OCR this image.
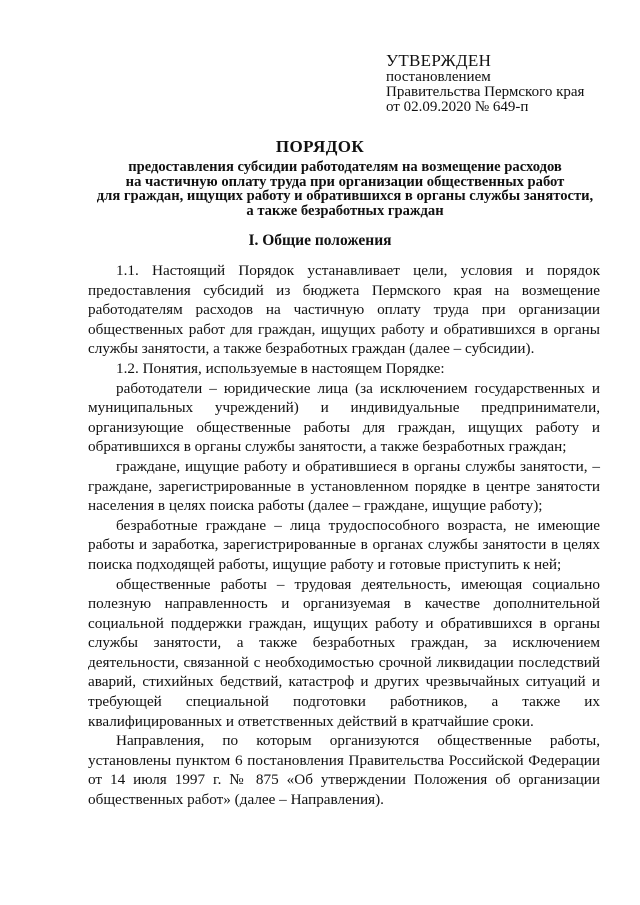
УТВЕРЖДЕН
постановлением
Правительства Пермского края
от 02.09.2020 № 649-п
ПОРЯДОК
предоставления субсидии работодателям на возмещение расходов
на частичную оплату труда при организации общественных работ
для граждан, ищущих работу и обратившихся в органы службы занятости,
а также безработных граждан
I. Общие положения

1.1. Настоящий Порядок устанавливает цели, условия и порядок предоставления субсидий из бюджета Пермского края на возмещение работодателям расходов на частичную оплату труда при организации общественных работ для граждан, ищущих работу и обратившихся в органы службы занятости, а также безработных граждан (далее – субсидии).

1.2. Понятия, используемые в настоящем Порядке:

работодатели – юридические лица (за исключением государственных и муниципальных учреждений) и индивидуальные предприниматели, организующие общественные работы для граждан, ищущих работу и обратившихся в органы службы занятости, а также безработных граждан;

граждане, ищущие работу и обратившиеся в органы службы занятости, – граждане, зарегистрированные в установленном порядке в центре занятости населения в целях поиска работы (далее – граждане, ищущие работу);

безработные граждане – лица трудоспособного возраста, не имеющие работы и заработка, зарегистрированные в органах службы занятости в целях поиска подходящей работы, ищущие работу и готовые приступить к ней;

общественные работы – трудовая деятельность, имеющая социально полезную направленность и организуемая в качестве дополнительной социальной поддержки граждан, ищущих работу и обратившихся в органы службы занятости, а также безработных граждан, за исключением деятельности, связанной с необходимостью срочной ликвидации последствий аварий, стихийных бедствий, катастроф и других чрезвычайных ситуаций и требующей специальной подготовки работников, а также их квалифицированных и ответственных действий в кратчайшие сроки.

Направления, по которым организуются общественные работы, установлены пунктом 6 постановления Правительства Российской Федерации от 14 июля 1997 г. № 875 «Об утверждении Положения об организации общественных работ» (далее – Направления).
